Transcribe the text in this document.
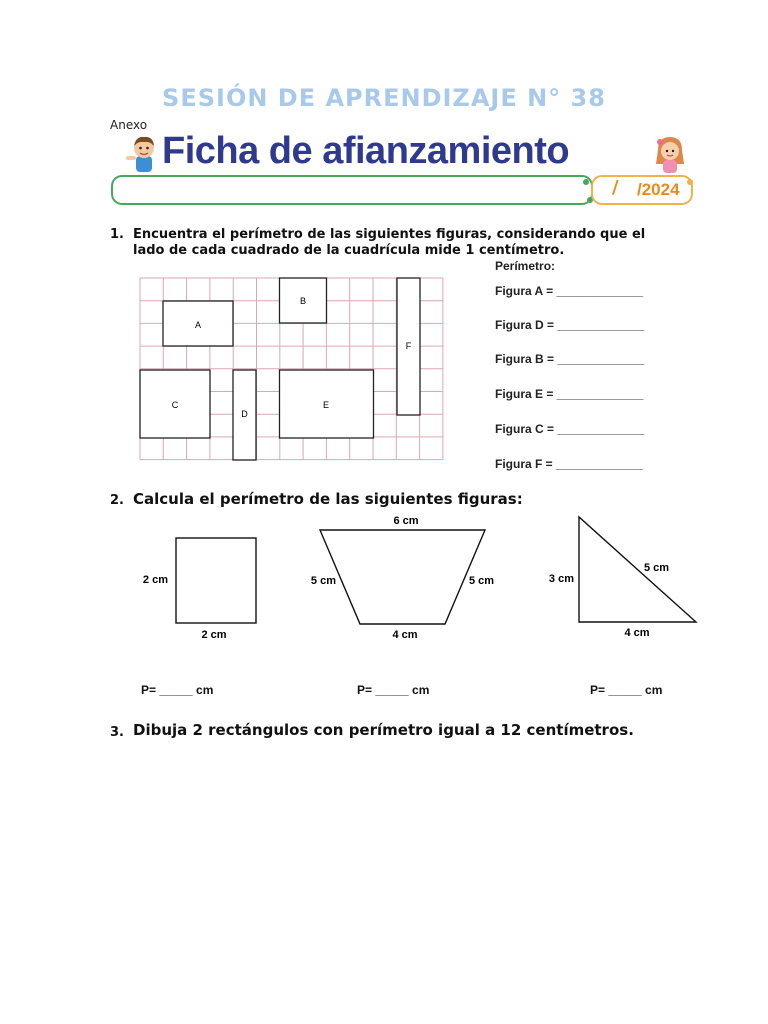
SESIÓN DE APRENDIZAJE N° 38
Anexo
Ficha de afianzamiento
/ /2024
1. Encuentra el perímetro de las siguientes figuras, considerando que el
lado de cada cuadrado de la cuadrícula mide 1 centímetro.
A
B
C
D
E
F
Perímetro:
Figura A = _____________
Figura D = _____________
Figura B = _____________
Figura E = _____________
Figura C = _____________
Figura F = _____________
2. Calcula el perímetro de las siguientes figuras:
2 cm
2 cm
6 cm
5 cm	5 cm
4 cm
3 cm
5 cm
4 cm
P= _____ cm	P= _____ cm	P= _____ cm
3. Dibuja 2 rectángulos con perímetro igual a 12 centímetros.
